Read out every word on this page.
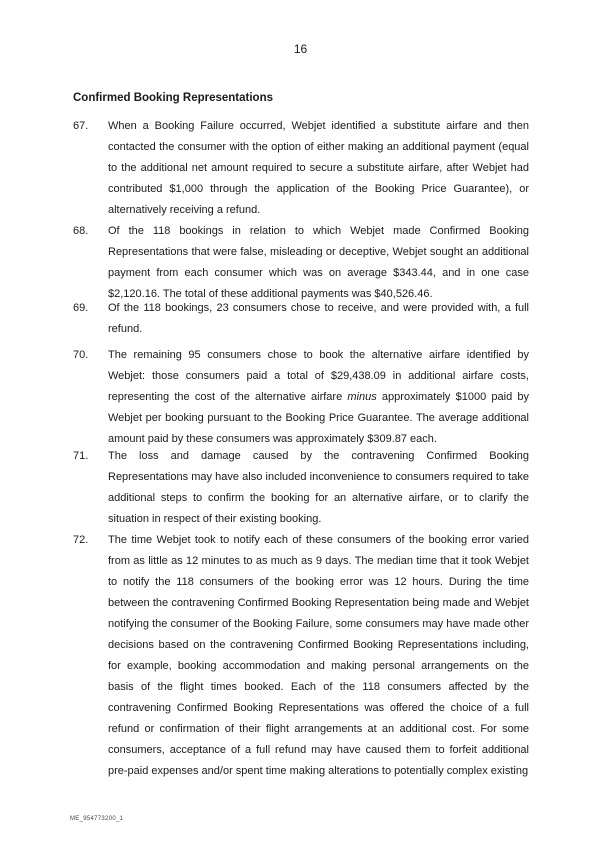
16
Confirmed Booking Representations
67.	When a Booking Failure occurred, Webjet identified a substitute airfare and then contacted the consumer with the option of either making an additional payment (equal to the additional net amount required to secure a substitute airfare, after Webjet had contributed $1,000 through the application of the Booking Price Guarantee), or alternatively receiving a refund.

68.	Of the 118 bookings in relation to which Webjet made Confirmed Booking Representations that were false, misleading or deceptive, Webjet sought an additional payment from each consumer which was on average $343.44, and in one case $2,120.16. The total of these additional payments was $40,526.46.

69.	Of the 118 bookings, 23 consumers chose to receive, and were provided with, a full refund.

70.	The remaining 95 consumers chose to book the alternative airfare identified by Webjet: those consumers paid a total of $29,438.09 in additional airfare costs, representing the cost of the alternative airfare minus approximately $1000 paid by Webjet per booking pursuant to the Booking Price Guarantee. The average additional amount paid by these consumers was approximately $309.87 each.

71.	The loss and damage caused by the contravening Confirmed Booking Representations may have also included inconvenience to consumers required to take additional steps to confirm the booking for an alternative airfare, or to clarify the situation in respect of their existing booking.

72.	The time Webjet took to notify each of these consumers of the booking error varied from as little as 12 minutes to as much as 9 days. The median time that it took Webjet to notify the 118 consumers of the booking error was 12 hours. During the time between the contravening Confirmed Booking Representation being made and Webjet notifying the consumer of the Booking Failure, some consumers may have made other decisions based on the contravening Confirmed Booking Representations including, for example, booking accommodation and making personal arrangements on the basis of the flight times booked. Each of the 118 consumers affected by the contravening Confirmed Booking Representations was offered the choice of a full refund or confirmation of their flight arrangements at an additional cost. For some consumers, acceptance of a full refund may have caused them to forfeit additional pre-paid expenses and/or spent time making alterations to potentially complex existing

ME_954773200_1
